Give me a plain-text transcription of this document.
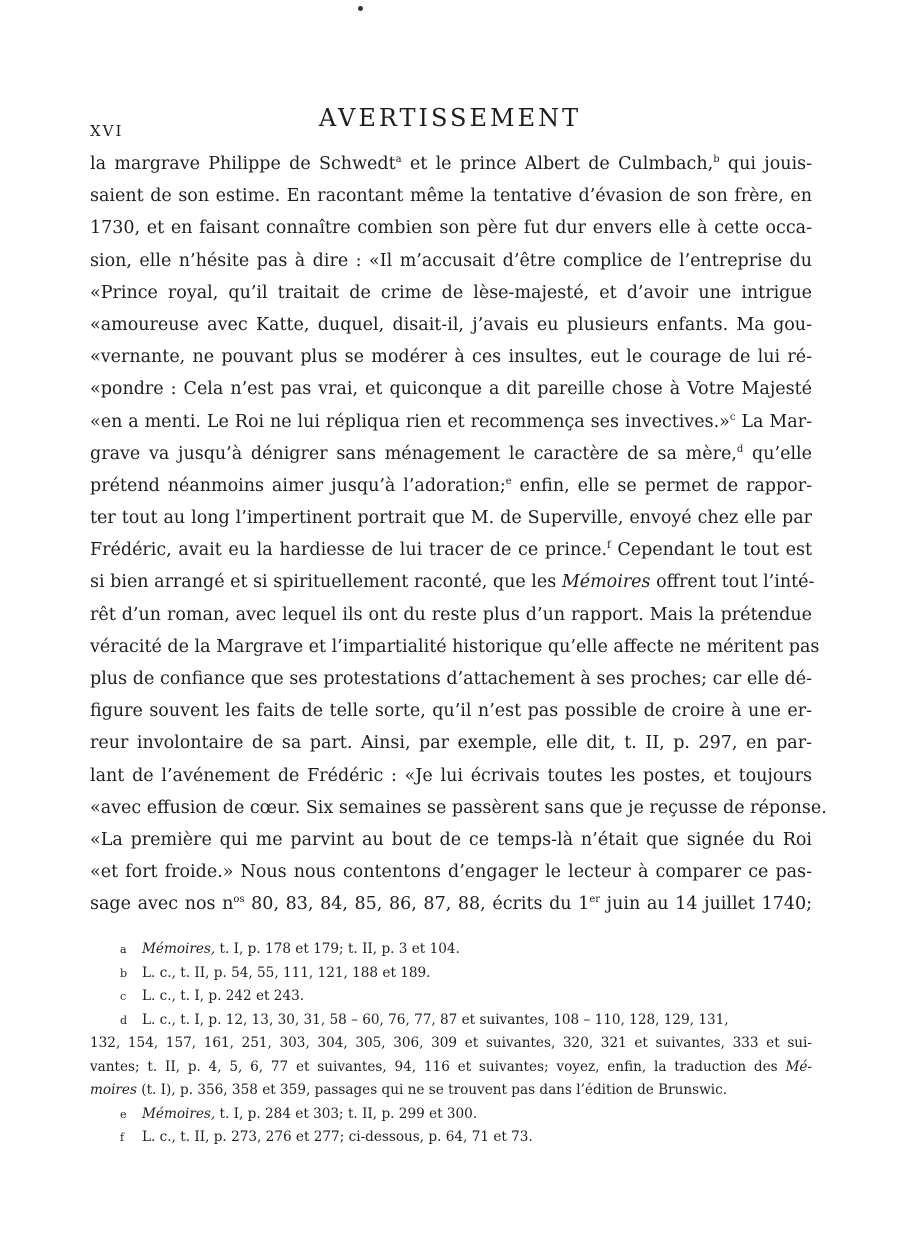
XVI	AVERTISSEMENT
la margrave Philippe de Schwedt$^a$ et le prince Albert de Culmbach,$^b$ qui jouis-
saient de son estime. En racontant même la tentative d’évasion de son frère, en
1730, et en faisant connaître combien son père fut dur envers elle à cette occa-
sion, elle n’hésite pas à dire : «Il m’accusait d’être complice de l’entreprise du
«Prince royal, qu’il traitait de crime de lèse-majesté, et d’avoir une intrigue
«amoureuse avec Katte, duquel, disait-il, j’avais eu plusieurs enfants. Ma gou-
«vernante, ne pouvant plus se modérer à ces insultes, eut le courage de lui ré-
«pondre : Cela n’est pas vrai, et quiconque a dit pareille chose à Votre Majesté
«en a menti. Le Roi ne lui répliqua rien et recommença ses invectives.»$^c$ La Mar-
grave va jusqu’à dénigrer sans ménagement le caractère de sa mère,$^d$ qu’elle
prétend néanmoins aimer jusqu’à l’adoration;$^e$ enfin, elle se permet de rappor-
ter tout au long l’impertinent portrait que M. de Superville, envoyé chez elle par
Frédéric, avait eu la hardiesse de lui tracer de ce prince.$^f$ Cependant le tout est
si bien arrangé et si spirituellement raconté, que les Mémoires offrent tout l’inté-
rêt d’un roman, avec lequel ils ont du reste plus d’un rapport. Mais la prétendue
véracité de la Margrave et l’impartialité historique qu’elle affecte ne méritent pas
plus de confiance que ses protestations d’attachement à ses proches; car elle dé-
figure souvent les faits de telle sorte, qu’il n’est pas possible de croire à une er-
reur involontaire de sa part. Ainsi, par exemple, elle dit, t. II, p. 297, en par-
lant de l’avénement de Frédéric : «Je lui écrivais toutes les postes, et toujours
«avec effusion de cœur. Six semaines se passèrent sans que je reçusse de réponse.
«La première qui me parvint au bout de ce temps-là n’était que signée du Roi
«et fort froide.» Nous nous contentons d’engager le lecteur à comparer ce pas-
sage avec nos $n^{os}$ 80, 83, 84, 85, 86, 87, 88, écrits du 1er juin au 14 juillet 1740;
a Mémoires, t. I, p. 178 et 179; t. II, p. 3 et 104.
b L. c., t. II, p. 54, 55, 111, 121, 188 et 189.
c L. c., t. I, p. 242 et 243.
d L. c., t. I, p. 12, 13, 30, 31, 58 – 60, 76, 77, 87 et suivantes, 108 – 110, 128, 129, 131,
132, 154, 157, 161, 251, 303, 304, 305, 306, 309 et suivantes, 320, 321 et suivantes, 333 et sui-
vantes; t. II, p. 4, 5, 6, 77 et suivantes, 94, 116 et suivantes; voyez, enfin, la traduction des Mé-
moires (t. I), p. 356, 358 et 359, passages qui ne se trouvent pas dans l’édition de Brunswic.
e Mémoires, t. I, p. 284 et 303; t. II, p. 299 et 300.
f L. c., t. II, p. 273, 276 et 277; ci-dessous, p. 64, 71 et 73.
